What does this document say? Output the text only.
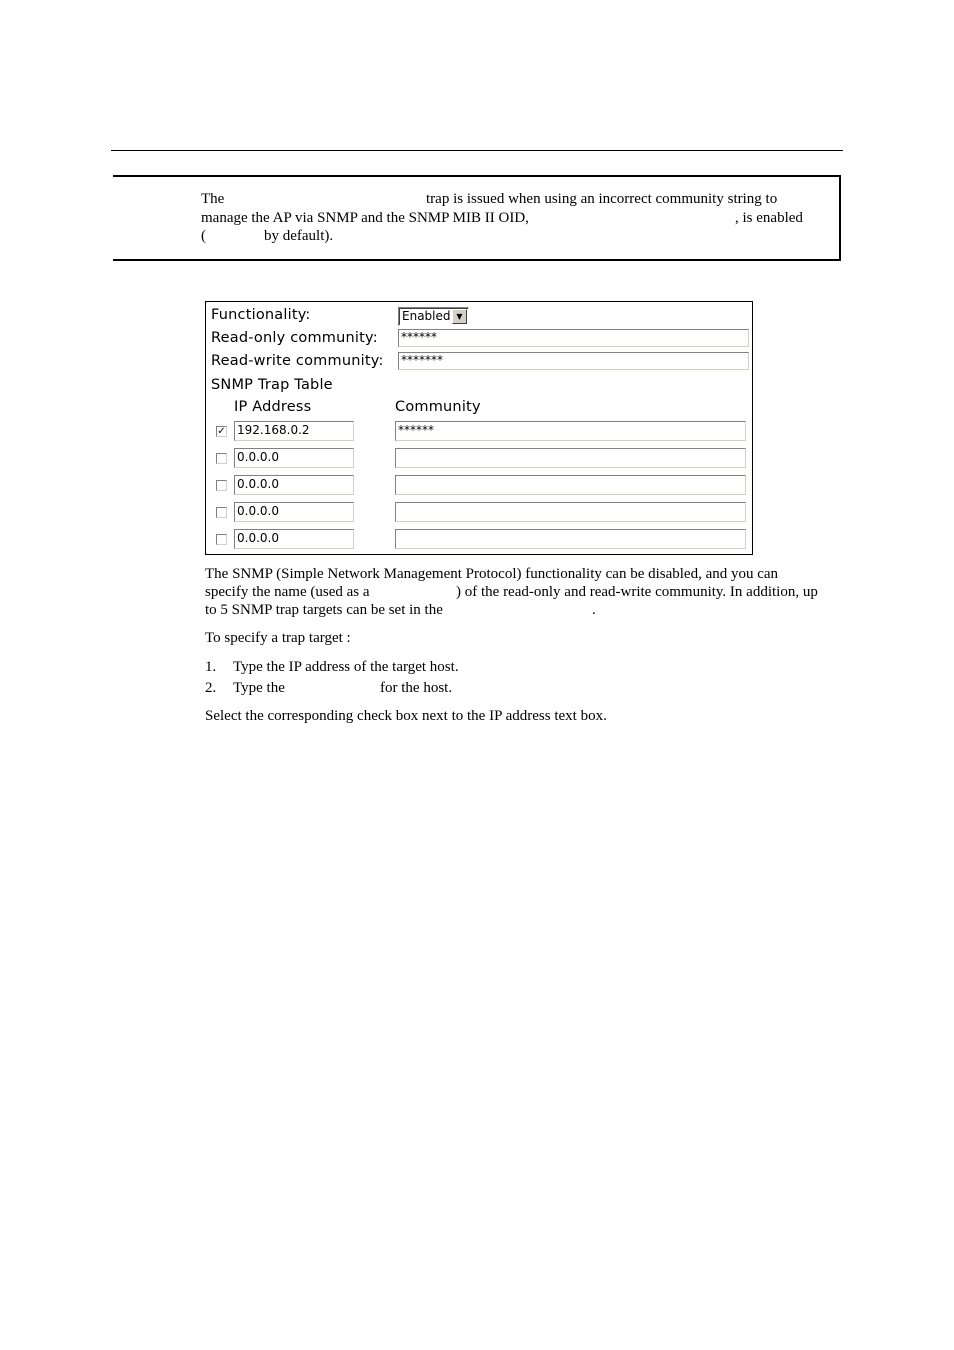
The	trap is issued when using an incorrect community string to
manage the AP via SNMP and the SNMP MIB II OID,	, is enabled
(	by default).
Functionality:	Enabled ▼
Read-only community: ******
Read-write community: *******
SNMP Trap Table
IP Address	Community
✓ 192.168.0.2	******
0.0.0.0
0.0.0.0
0.0.0.0
0.0.0.0
The SNMP (Simple Network Management Protocol) functionality can be disabled, and you can
specify the name (used as a	) of the read-only and read-write community. In addition, up
to 5 SNMP trap targets can be set in the	.
To specify a trap target :
1. Type the IP address of the target host.
2. Type the	for the host.
Select the corresponding check box next to the IP address text box.
